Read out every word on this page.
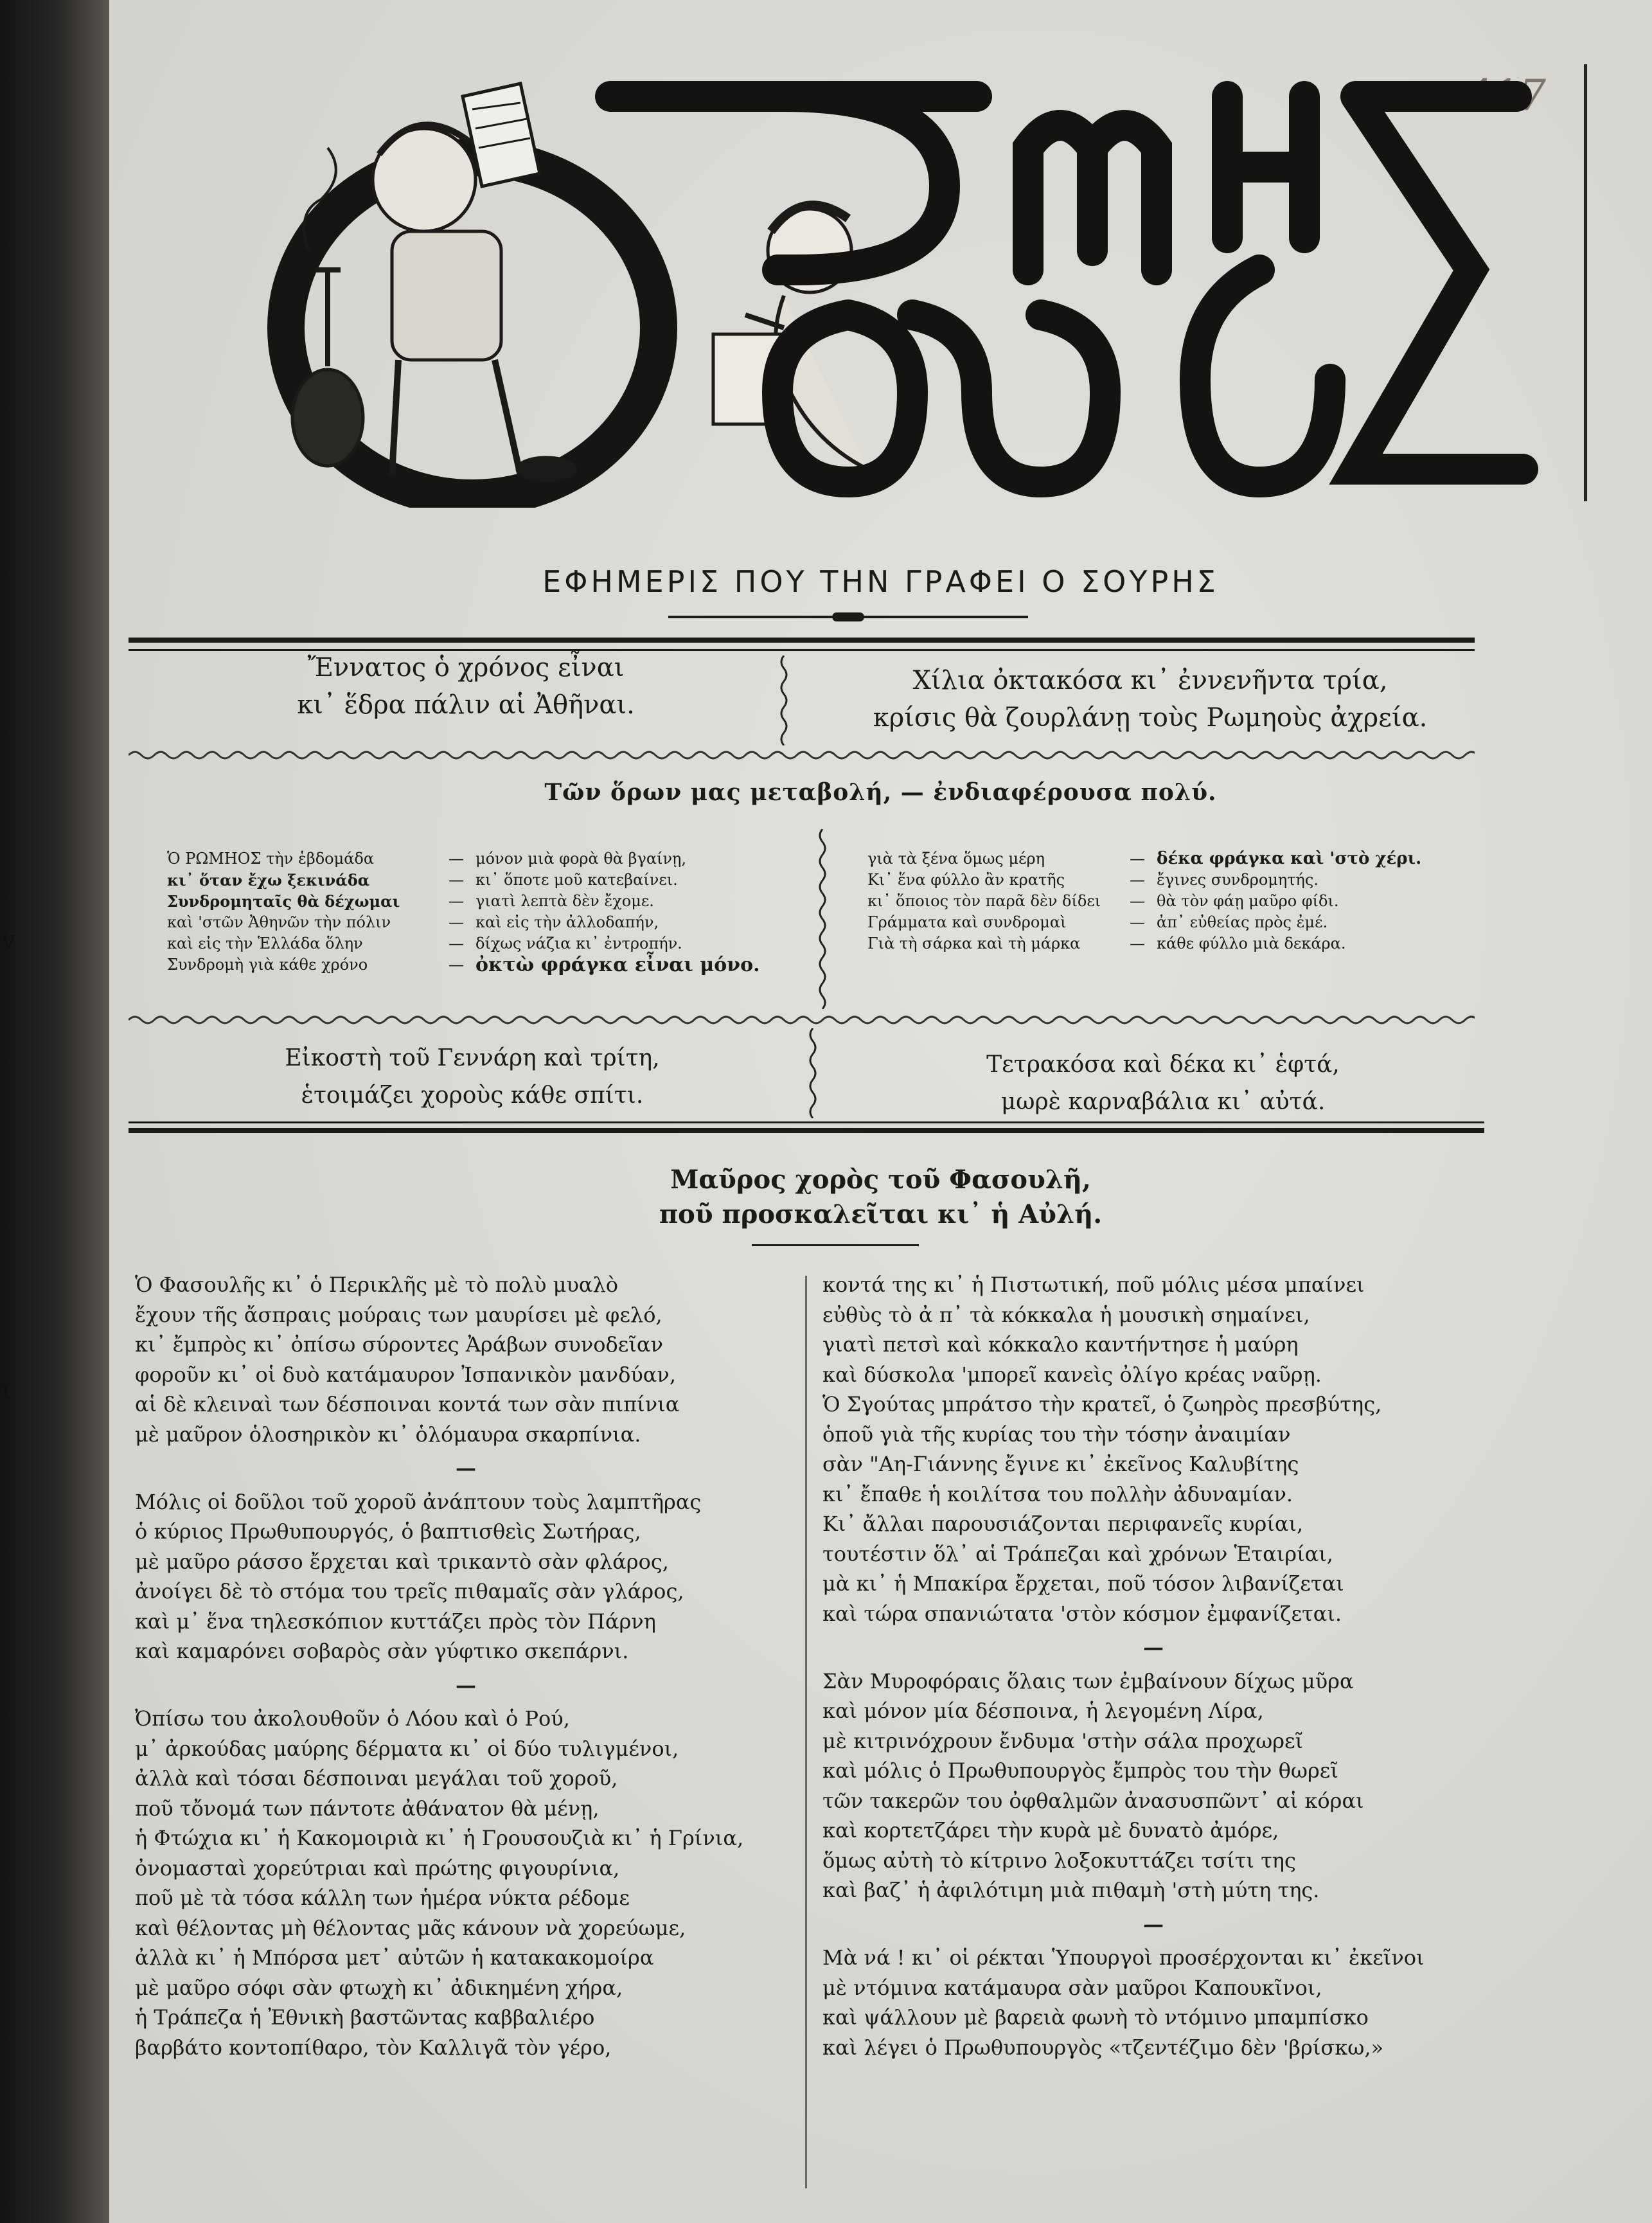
v
ι
417
ΕΦΗΜΕΡΙΣ ΠΟΥ ΤΗΝ ΓΡΑΦΕΙ Ο ΣΟΥΡΗΣ
Ἔννατος ὁ χρόνος εἶναι
κι᾽ ἕδρα πάλιν αἱ Ἀθῆναι.
Χίλια ὀκτακόσα κι᾽ ἐννενῆντα τρία,
κρίσις θὰ ζουρλάνῃ τοὺς Ρωμηοὺς ἀχρεία.
Τῶν ὅρων μας μεταβολή, — ἐνδιαφέρουσα πολύ.
Ὁ ΡΩΜΗΟΣ τὴν ἑβδομάδα	— μόνον μιὰ φορὰ θὰ βγαίνῃ,
κι᾽ ὅταν ἔχω ξεκινάδα	— κι᾽ ὅποτε μοῦ κατεβαίνει.
Συνδρομηταῖς θὰ δέχωμαι	— γιατὶ λεπτὰ δὲν ἔχομε.
καὶ 'στῶν Ἀθηνῶν τὴν πόλιν	— καὶ εἰς τὴν ἀλλοδαπήν,
καὶ εἰς τὴν Ἑλλάδα ὅλην	— δίχως νάζια κι᾽ ἐντροπήν.
Συνδρομὴ γιὰ κάθε χρόνο	— ὀκτὼ φράγκα εἶναι μόνο.
γιὰ τὰ ξένα ὅμως μέρη	— δέκα φράγκα καὶ 'στὸ χέρι.
Κι᾽ ἕνα φύλλο ἂν κρατῆς	— ἔγινες συνδρομητής.
κι᾽ ὅποιος τὸν παρᾶ δὲν δίδει	— θὰ τὸν φάῃ μαῦρο φίδι.
Γράμματα καὶ συνδρομαὶ	— ἀπ᾽ εὐθείας πρὸς ἐμέ.
Γιὰ τὴ σάρκα καὶ τὴ μάρκα	— κάθε φύλλο μιὰ δεκάρα.
Εἰκοστὴ τοῦ Γεννάρη καὶ τρίτη,
ἑτοιμάζει χοροὺς κάθε σπίτι.
Τετρακόσα καὶ δέκα κι᾽ ἑφτά,
μωρὲ καρναβάλια κι᾽ αὐτά.
Μαῦρος χορὸς τοῦ Φασουλῆ,
ποῦ προσκαλεῖται κι᾽ ἡ Αὐλή.

Ὁ Φασουλῆς κι᾽ ὁ Περικλῆς μὲ τὸ πολὺ μυαλὸ
ἔχουν τῆς ἄσπραις μούραις των μαυρίσει μὲ φελό,
κι᾽ ἔμπρὸς κι᾽ ὀπίσω σύροντες Ἀράβων συνοδεῖαν
φοροῦν κι᾽ οἱ δυὸ κατάμαυρον Ἰσπανικὸν μανδύαν,
αἱ δὲ κλειναὶ των δέσποιναι κοντά των σὰν πιπίνια
μὲ μαῦρον ὁλοσηρικὸν κι᾽ ὁλόμαυρα σκαρπίνια.

—

Μόλις οἱ δοῦλοι τοῦ χοροῦ ἀνάπτουν τοὺς λαμπτῆρας
ὁ κύριος Πρωθυπουργός, ὁ βαπτισθεὶς Σωτήρας,
μὲ μαῦρο ράσσο ἔρχεται καὶ τρικαντὸ σὰν φλάρος,
ἀνοίγει δὲ τὸ στόμα του τρεῖς πιθαμαῖς σὰν γλάρος,
καὶ μ᾽ ἕνα τηλεσκόπιον κυττάζει πρὸς τὸν Πάρνη
καὶ καμαρόνει σοβαρὸς σὰν γύφτικο σκεπάρνι.

—

Ὀπίσω του ἀκολουθοῦν ὁ Λόου καὶ ὁ Ρού,
μ᾽ ἀρκούδας μαύρης δέρματα κι᾽ οἱ δύο τυλιγμένοι,
ἀλλὰ καὶ τόσαι δέσποιναι μεγάλαι τοῦ χοροῦ,
ποῦ τὄνομά των πάντοτε ἀθάνατον θὰ μένῃ,
ἡ Φτώχια κι᾽ ἡ Κακομοιριὰ κι᾽ ἡ Γρουσουζιὰ κι᾽ ἡ Γρίνια,
ὀνομασταὶ χορεύτριαι καὶ πρώτης φιγουρίνια,
ποῦ μὲ τὰ τόσα κάλλη των ἡμέρα νύκτα ρέδομε
καὶ θέλοντας μὴ θέλοντας μᾶς κάνουν νὰ χορεύωμε,
ἀλλὰ κι᾽ ἡ Μπόρσα μετ᾽ αὐτῶν ἡ κατακακομοίρα
μὲ μαῦρο σόφι σὰν φτωχὴ κι᾽ ἀδικημένη χήρα,
ἡ Τράπεζα ἡ Ἐθνικὴ βαστῶντας καββαλιέρο
βαρβάτο κοντοπίθαρο, τὸν Καλλιγᾶ τὸν γέρο,

κοντά της κι᾽ ἡ Πιστωτική, ποῦ μόλις μέσα μπαίνει
εὐθὺς τὸ ἀ π᾽ τὰ κόκκαλα ἡ μουσικὴ σημαίνει,
γιατὶ πετσὶ καὶ κόκκαλο καντήντησε ἡ μαύρη
καὶ δύσκολα 'μπορεῖ κανεὶς ὀλίγο κρέας ναῦρῃ.
Ὁ Σγούτας μπράτσο τὴν κρατεῖ, ὁ ζωηρὸς πρεσβύτης,
ὁποῦ γιὰ τῆς κυρίας του τὴν τόσην ἀναιμίαν
σὰν "Αη-Γιάννης ἔγινε κι᾽ ἐκεῖνος Καλυβίτης
κι᾽ ἔπαθε ἡ κοιλίτσα του πολλὴν ἀδυναμίαν.
Κι᾽ ἄλλαι παρουσιάζονται περιφανεῖς κυρίαι,
τουτέστιν ὅλ᾽ αἱ Τράπεζαι καὶ χρόνων Ἑταιρίαι,
μὰ κι᾽ ἡ Μπακίρα ἔρχεται, ποῦ τόσον λιβανίζεται
καὶ τώρα σπανιώτατα 'στὸν κόσμον ἐμφανίζεται.

—

Σὰν Μυροφόραις ὅλαις των ἐμβαίνουν δίχως μῦρα
καὶ μόνον μία δέσποινα, ἡ λεγομένη Λίρα,
μὲ κιτρινόχρουν ἔνδυμα 'στὴν σάλα προχωρεῖ
καὶ μόλις ὁ Πρωθυπουργὸς ἔμπρὸς του τὴν θωρεῖ
τῶν τακερῶν του ὀφθαλμῶν ἀνασυσπῶντ᾽ αἱ κόραι
καὶ κορτετζάρει τὴν κυρὰ μὲ δυνατὸ ἀμόρε,
ὅμως αὐτὴ τὸ κίτρινο λοξοκυττάζει τσίτι της
καὶ βαζ᾽ ἡ ἀφιλότιμη μιὰ πιθαμὴ 'στὴ μύτη της.

—

Μὰ νά ! κι᾽ οἱ ρέκται Ὑπουργοὶ προσέρχονται κι᾽ ἐκεῖνοι
μὲ ντόμινα κατάμαυρα σὰν μαῦροι Καπουκῖνοι,
καὶ ψάλλουν μὲ βαρειὰ φωνὴ τὸ ντόμινο μπαμπίσκο
καὶ λέγει ὁ Πρωθυπουργὸς «τζεντέζιμο δὲν 'βρίσκω,»
